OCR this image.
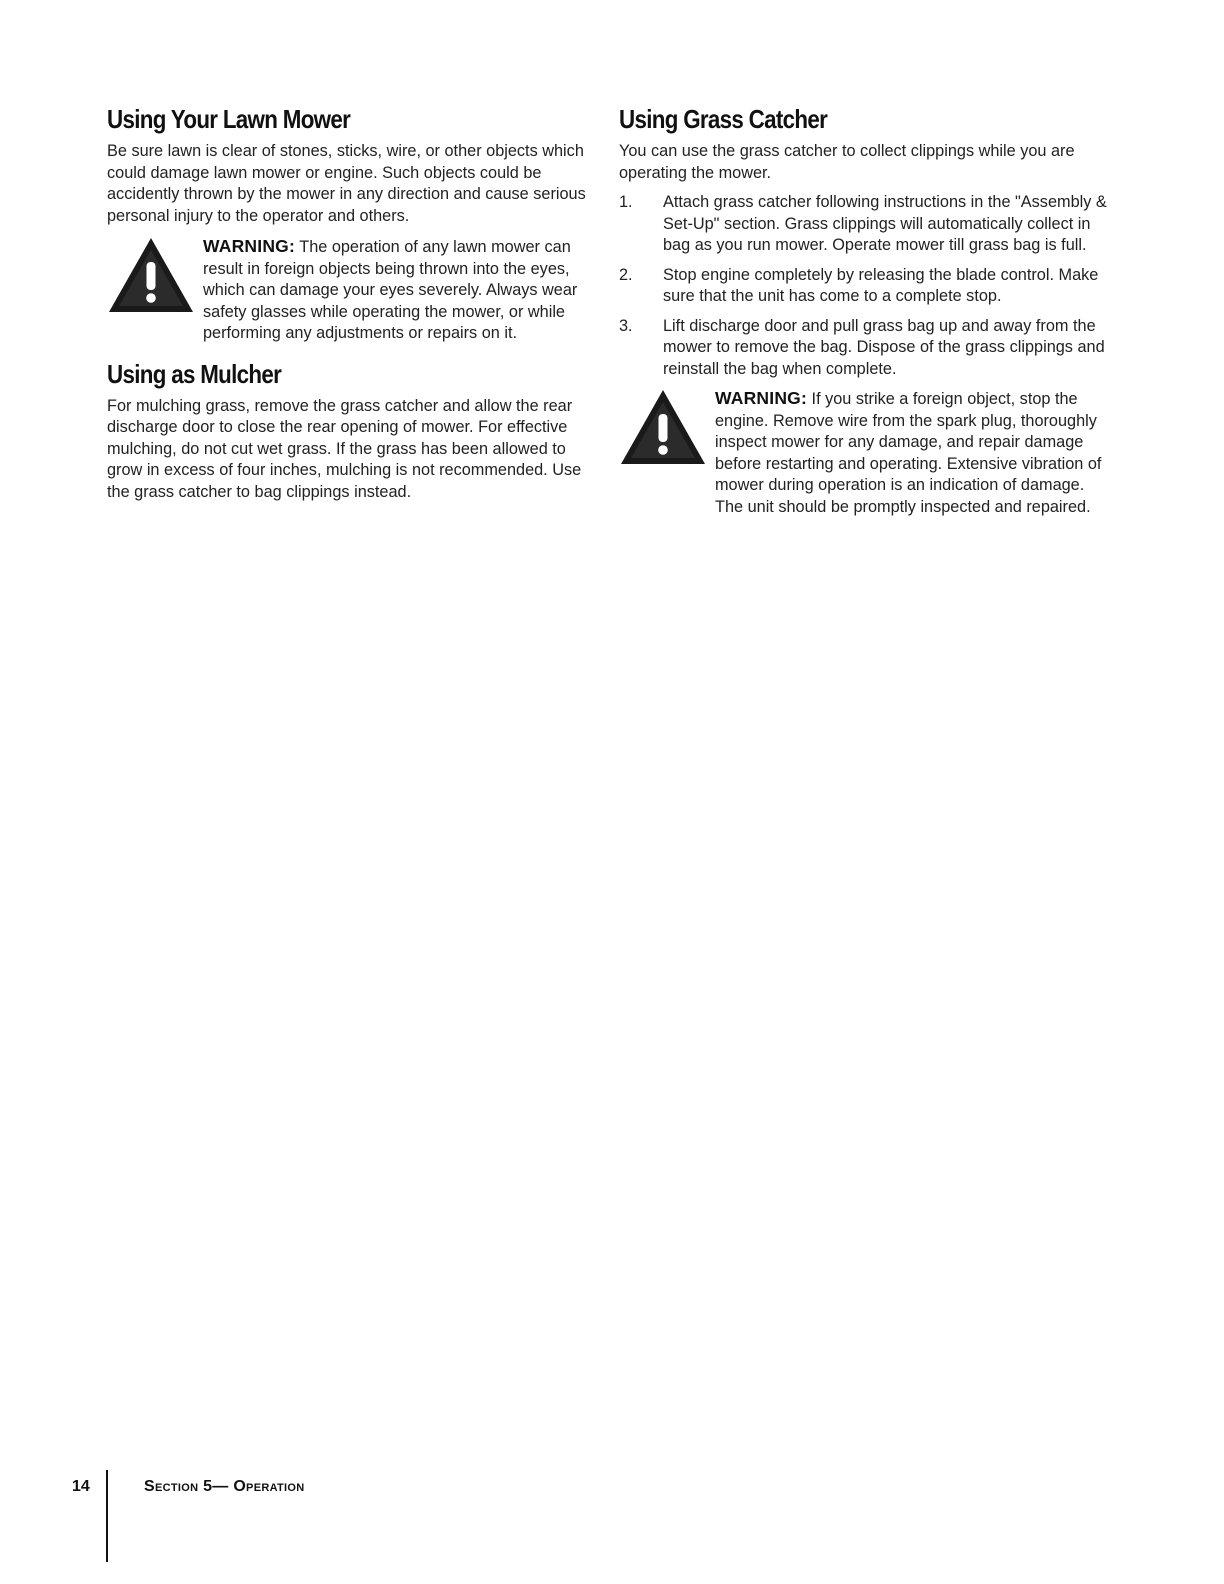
Using Your Lawn Mower

Be sure lawn is clear of stones, sticks, wire, or other objects which could damage lawn mower or engine. Such objects could be accidently thrown by the mower in any direction and cause serious personal injury to the operator and others.

WARNING: The operation of any lawn mower can result in foreign objects being thrown into the eyes, which can damage your eyes severely. Always wear safety glasses while operating the mower, or while performing any adjustments or repairs on it.
Using as Mulcher

For mulching grass, remove the grass catcher and allow the rear discharge door to close the rear opening of mower. For effective mulching, do not cut wet grass. If the grass has been allowed to grow in excess of four inches, mulching is not recommended. Use the grass catcher to bag clippings instead.

Using Grass Catcher

You can use the grass catcher to collect clippings while you are operating the mower.

1. Attach grass catcher following instructions in the "Assembly & Set-Up" section. Grass clippings will automatically collect in bag as you run mower. Operate mower till grass bag is full.
2. Stop engine completely by releasing the blade control. Make sure that the unit has come to a complete stop.
3. Lift discharge door and pull grass bag up and away from the mower to remove the bag. Dispose of the grass clippings and reinstall the bag when complete.
WARNING: If you strike a foreign object, stop the engine. Remove wire from the spark plug, thoroughly inspect mower for any damage, and repair damage before restarting and operating. Extensive vibration of mower during operation is an indication of damage. The unit should be promptly inspected and repaired.
14	Section 5— Operation
